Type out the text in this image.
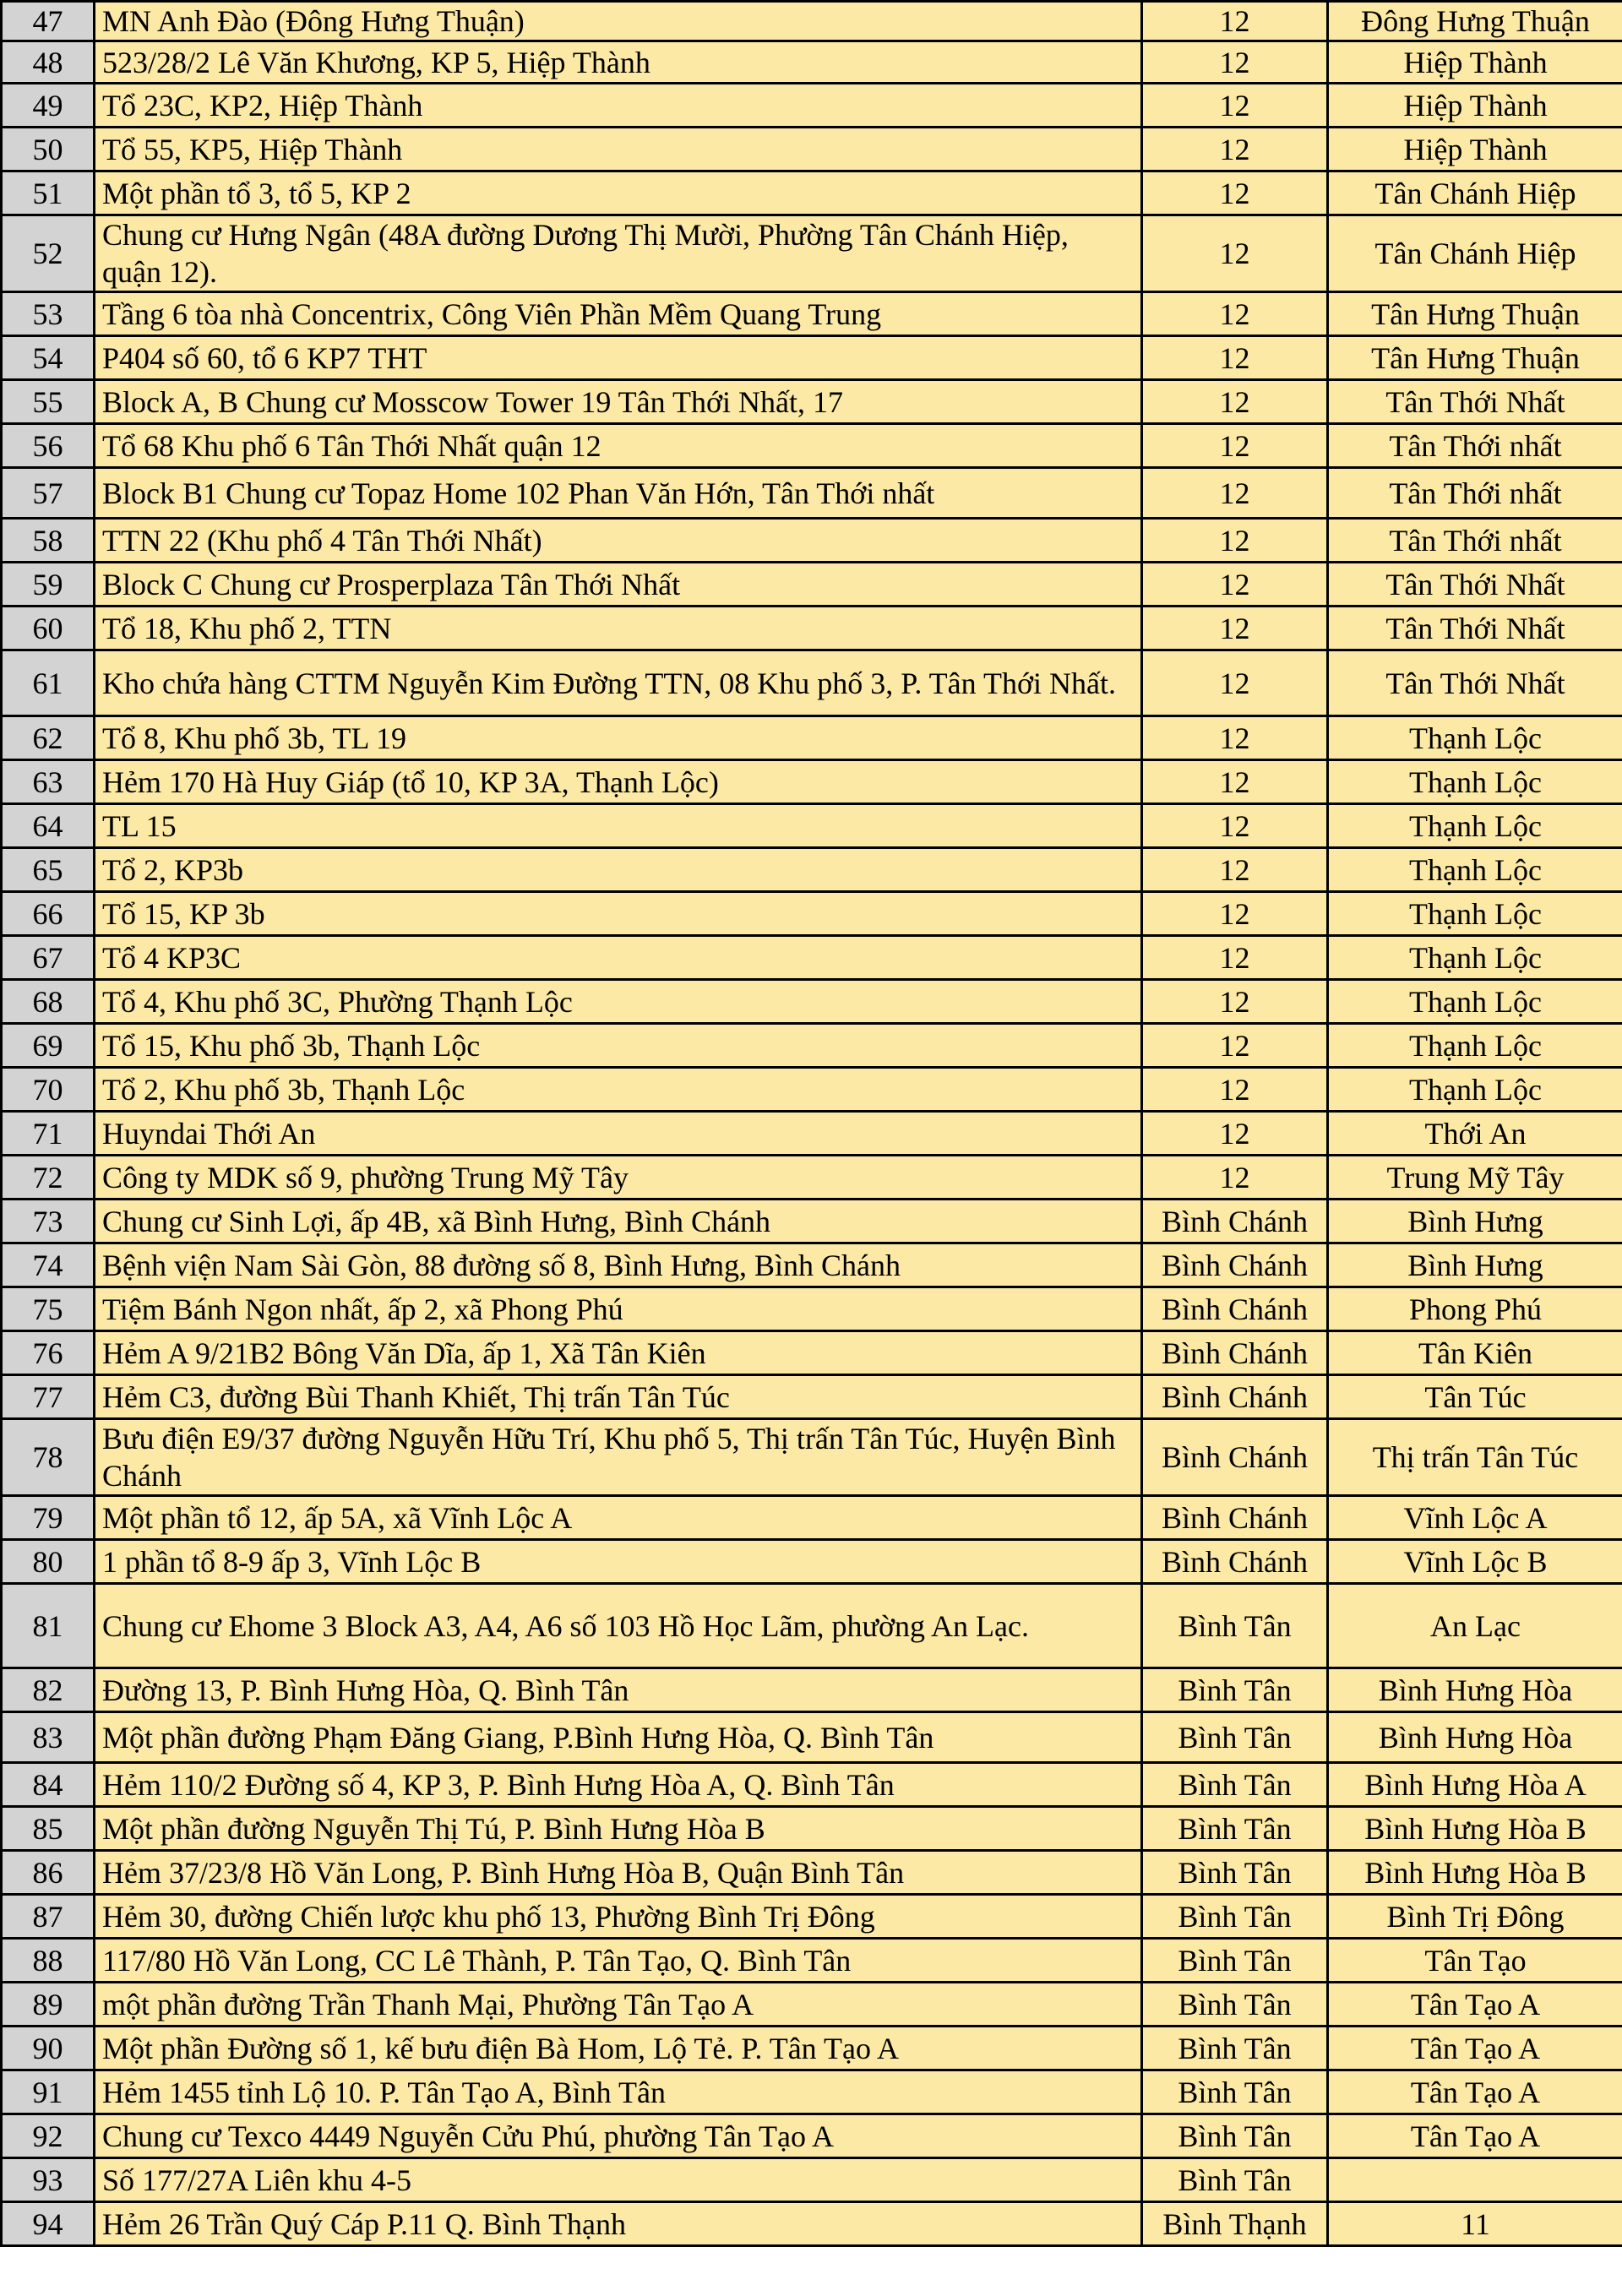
47	MN Anh Đào (Đông Hưng Thuận)	12	Đông Hưng Thuận
48	523/28/2 Lê Văn Khương, KP 5, Hiệp Thành	12	Hiệp Thành
49	Tổ 23C, KP2, Hiệp Thành	12	Hiệp Thành
50	Tổ 55, KP5, Hiệp Thành	12	Hiệp Thành
51	Một phần tổ 3, tổ 5, KP 2	12	Tân Chánh Hiệp
52	Chung cư Hưng Ngân (48A đường Dương Thị Mười, Phường Tân Chánh Hiệp, quận 12).	12	Tân Chánh Hiệp
53	Tầng 6 tòa nhà Concentrix, Công Viên Phần Mềm Quang Trung	12	Tân Hưng Thuận
54	P404 số 60, tổ 6 KP7 THT	12	Tân Hưng Thuận
55	Block A, B Chung cư Mosscow Tower 19 Tân Thới Nhất, 17	12	Tân Thới Nhất
56	Tổ 68 Khu phố 6 Tân Thới Nhất quận 12	12	Tân Thới nhất
57	Block B1 Chung cư Topaz Home 102 Phan Văn Hớn, Tân Thới nhất	12	Tân Thới nhất
58	TTN 22 (Khu phố 4 Tân Thới Nhất)	12	Tân Thới nhất
59	Block C Chung cư Prosperplaza Tân Thới Nhất	12	Tân Thới Nhất
60	Tổ 18, Khu phố 2, TTN	12	Tân Thới Nhất
61	Kho chứa hàng CTTM Nguyễn Kim Đường TTN, 08 Khu phố 3, P. Tân Thới Nhất.	12	Tân Thới Nhất
62	Tổ 8, Khu phố 3b, TL 19	12	Thạnh Lộc
63	Hẻm 170 Hà Huy Giáp (tổ 10, KP 3A, Thạnh Lộc)	12	Thạnh Lộc
64	TL 15	12	Thạnh Lộc
65	Tổ 2, KP3b	12	Thạnh Lộc
66	Tổ 15, KP 3b	12	Thạnh Lộc
67	Tổ 4 KP3C	12	Thạnh Lộc
68	Tổ 4, Khu phố 3C, Phường Thạnh Lộc	12	Thạnh Lộc
69	Tổ 15, Khu phố 3b, Thạnh Lộc	12	Thạnh Lộc
70	Tổ 2, Khu phố 3b, Thạnh Lộc	12	Thạnh Lộc
71	Huyndai Thới An	12	Thới An
72	Công ty MDK số 9, phường Trung Mỹ Tây	12	Trung Mỹ Tây
73	Chung cư Sinh Lợi, ấp 4B, xã Bình Hưng, Bình Chánh	Bình Chánh	Bình Hưng
74	Bệnh viện Nam Sài Gòn, 88 đường số 8, Bình Hưng, Bình Chánh	Bình Chánh	Bình Hưng
75	Tiệm Bánh Ngon nhất, ấp 2, xã Phong Phú	Bình Chánh	Phong Phú
76	Hẻm A 9/21B2 Bông Văn Dĩa, ấp 1, Xã Tân Kiên	Bình Chánh	Tân Kiên
77	Hẻm C3, đường Bùi Thanh Khiết, Thị trấn Tân Túc	Bình Chánh	Tân Túc
78	Bưu điện E9/37 đường Nguyễn Hữu Trí, Khu phố 5, Thị trấn Tân Túc, Huyện Bình Chánh	Bình Chánh	Thị trấn Tân Túc
79	Một phần tổ 12, ấp 5A, xã Vĩnh Lộc A	Bình Chánh	Vĩnh Lộc A
80	1 phần tổ 8-9 ấp 3, Vĩnh Lộc B	Bình Chánh	Vĩnh Lộc B
81	Chung cư Ehome 3 Block A3, A4, A6 số 103 Hồ Học Lãm, phường An Lạc.	Bình Tân	An Lạc
82	Đường 13, P. Bình Hưng Hòa, Q. Bình Tân	Bình Tân	Bình Hưng Hòa
83	Một phần đường Phạm Đăng Giang, P.Bình Hưng Hòa, Q. Bình Tân	Bình Tân	Bình Hưng Hòa
84	Hẻm 110/2 Đường số 4, KP 3, P. Bình Hưng Hòa A, Q. Bình Tân	Bình Tân	Bình Hưng Hòa A
85	Một phần đường Nguyễn Thị Tú, P. Bình Hưng Hòa B	Bình Tân	Bình Hưng Hòa B
86	Hẻm 37/23/8 Hồ Văn Long, P. Bình Hưng Hòa B, Quận Bình Tân	Bình Tân	Bình Hưng Hòa B
87	Hẻm 30, đường Chiến lược khu phố 13, Phường Bình Trị Đông	Bình Tân	Bình Trị Đông
88	117/80 Hồ Văn Long, CC Lê Thành, P. Tân Tạo, Q. Bình Tân	Bình Tân	Tân Tạo
89	một phần đường Trần Thanh Mại, Phường Tân Tạo A	Bình Tân	Tân Tạo A
90	Một phần Đường số 1, kế bưu điện Bà Hom, Lộ Tẻ. P. Tân Tạo A	Bình Tân	Tân Tạo A
91	Hẻm 1455 tỉnh Lộ 10. P. Tân Tạo A, Bình Tân	Bình Tân	Tân Tạo A
92	Chung cư Texco 4449 Nguyễn Cửu Phú, phường Tân Tạo A	Bình Tân	Tân Tạo A
93	Số 177/27A Liên khu 4-5	Bình Tân	
94	Hẻm 26 Trần Quý Cáp P.11 Q. Bình Thạnh	Bình Thạnh	11
